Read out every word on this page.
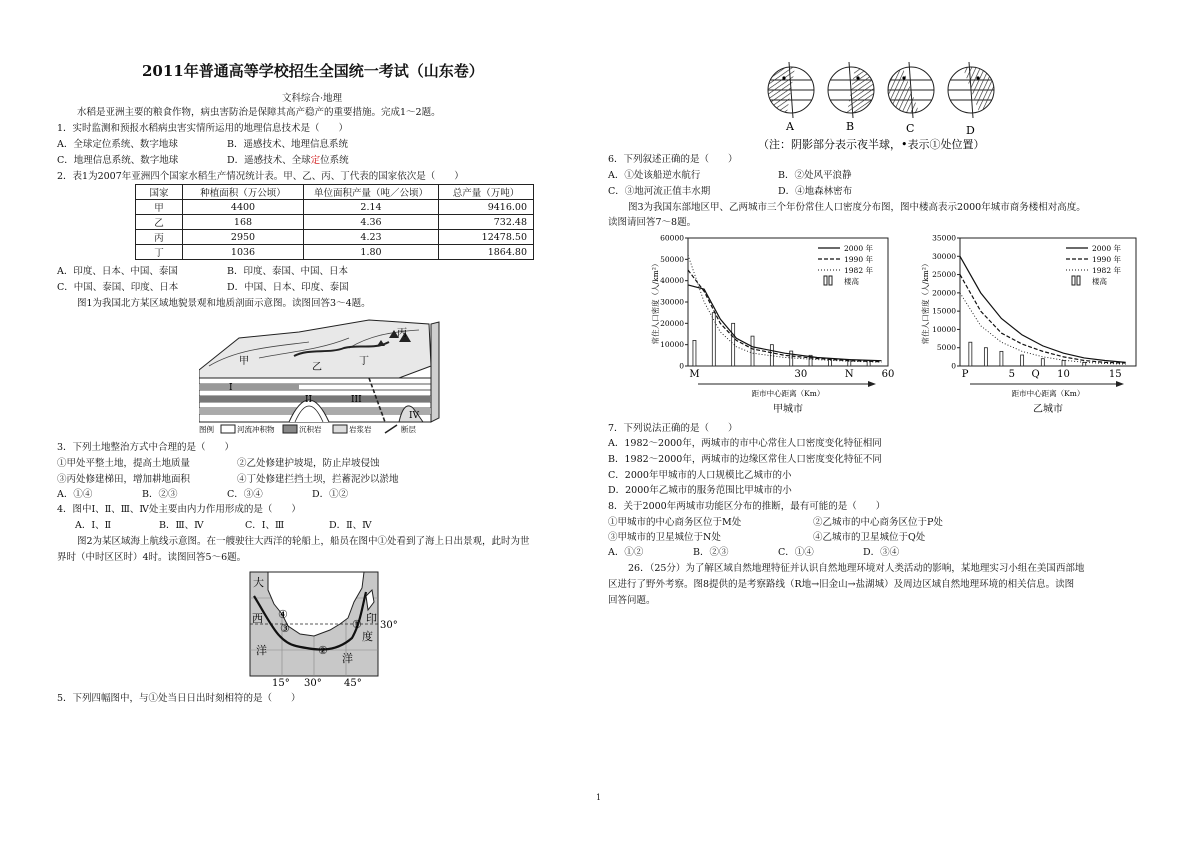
2011年普通高等学校招生全国统一考试（山东卷）
文科综合·地理
水稻是亚洲主要的粮食作物，病虫害防治是保障其高产稳产的重要措施。完成1～2题。
1．实时监测和预报水稻病虫害实情所运用的地理信息技术是（　　）
A．全球定位系统、数字地球	B．遥感技术、地理信息系统
C．地理信息系统、数字地球	D．遥感技术、全球定位系统
2．表1为2007年亚洲四个国家水稻生产情况统计表。甲、乙、丙、丁代表的国家依次是（　　）
国家	种植面积（万公顷）	单位面积产量（吨／公顷）	总产量（万吨）
甲	4400	2.14	9416.00
乙	168	4.36	732.48
丙	2950	4.23	12478.50
丁	1036	1.80	1864.80
A．印度、日本、中国、泰国	B．印度、泰国、中国、日本
C．中国、泰国、印度、日本	D．中国、日本、印度、泰国
图1为我国北方某区域地貌景观和地质剖面示意图。读图回答3～4题。
甲
乙
丙
丁
I
II	III
IV
图例	河流冲积物	沉积岩	岩浆岩	断层
3．下列土地整治方式中合理的是（　　）
①甲处平整土地，提高土地质量	②乙处修建护坡堤，防止岸坡侵蚀
③丙处修建梯田，增加耕地面积	④丁处修建拦挡土坝，拦蓄泥沙以淤地
A．①④	B．②③	C．③④	D．①②
4．图中Ⅰ、Ⅱ、Ⅲ、Ⅳ处主要由内力作用形成的是（　　）
A．Ⅰ、Ⅱ	B．Ⅲ、Ⅳ	C．Ⅰ、Ⅲ	D．Ⅱ、Ⅳ
图2为某区域海上航线示意图。在一艘驶往大西洋的轮船上，船员在图中①处看到了海上日出景观，此时为世
界时（中时区区时）4时。读图回答5～6题。
大
西
洋
印
度
洋
①
②
③
④
30°
15° 30° 45°
5．下列四幅图中，与①处当日日出时刻相符的是（　　）
1
A	B	C	D
（注：阴影部分表示夜半球，•表示①处位置）
6．下列叙述正确的是（　　）
A．①处该船逆水航行	B．②处风平浪静
C．③地河流正值丰水期	D．④地森林密布
图3为我国东部地区甲、乙两城市三个年份常住人口密度分布图，图中楼高表示2000年城市商务楼相对高度。
读图请回答7～8题。
60000
50000
40000
30000
20000
10000
0
2000 年
1990 年
1982 年
楼高
距市中心距离（Km）
M	30	N	60
常住人口密度（人/km²）
甲城市
35000
30000
25000
20000
15000
10000
5000
0
2000 年
1990 年
1982 年
楼高
距市中心距离（Km）
P	5 Q 10	15
常住人口密度（人/km²）
乙城市
7．下列说法正确的是（　　）
A．1982～2000年，两城市的市中心常住人口密度变化特征相同
B．1982～2000年，两城市的边缘区常住人口密度变化特征不同
C．2000年甲城市的人口规模比乙城市的小
D．2000年乙城市的服务范围比甲城市的小
8．关于2000年两城市功能区分布的推断，最有可能的是（　　）
①甲城市的中心商务区位于M处	②乙城市的中心商务区位于P处
③甲城市的卫星城位于N处	④乙城市的卫星城位于Q处
A．①②	B．②③	C．①④	D．③④
26．（25分）为了解区域自然地理特征并认识自然地理环境对人类活动的影响，某地理实习小组在美国西部地
区进行了野外考察。图8提供的是考察路线（R地→旧金山→盐湖城）及周边区域自然地理环境的相关信息。读图
回答问题。
